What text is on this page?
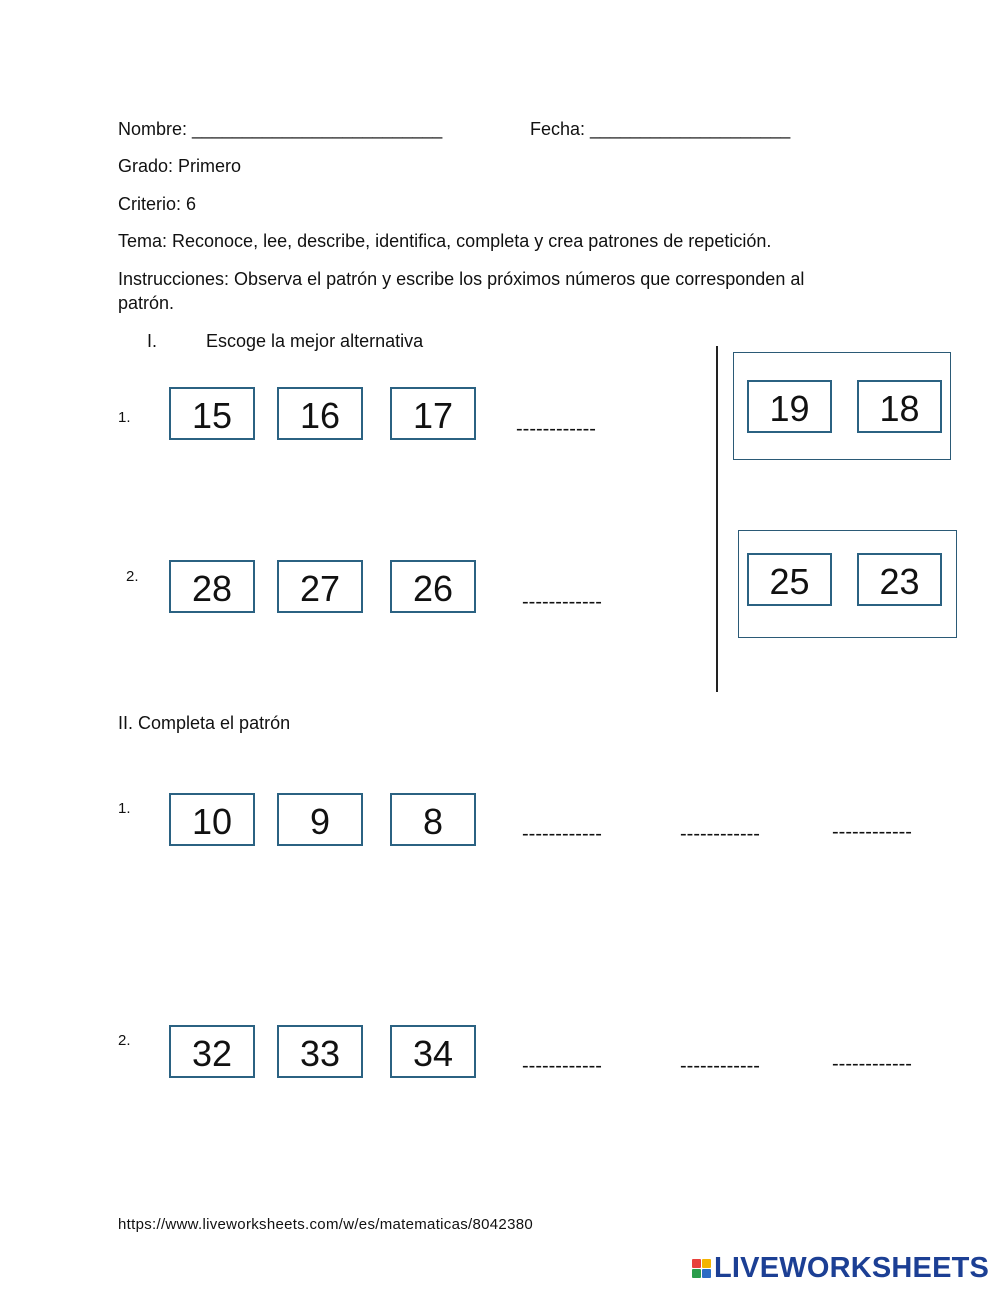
Nombre: _________________________	Fecha: ____________________
Grado: Primero
Criterio: 6
Tema: Reconoce, lee, describe, identifica, completa y crea patrones de repetición.
Instrucciones: Observa el patrón y escribe los próximos números que corresponden al
patrón.
I.	Escoge la mejor alternativa
1.	15	16	17	------------
2.	28	27	26	------------
19	18
25	23
II. Completa el patrón
1.	10	9	8	------------	------------	------------
2.	32	33	34	------------	------------	------------
https://www.liveworksheets.com/w/es/matematicas/8042380
LIVEWORKSHEETS
